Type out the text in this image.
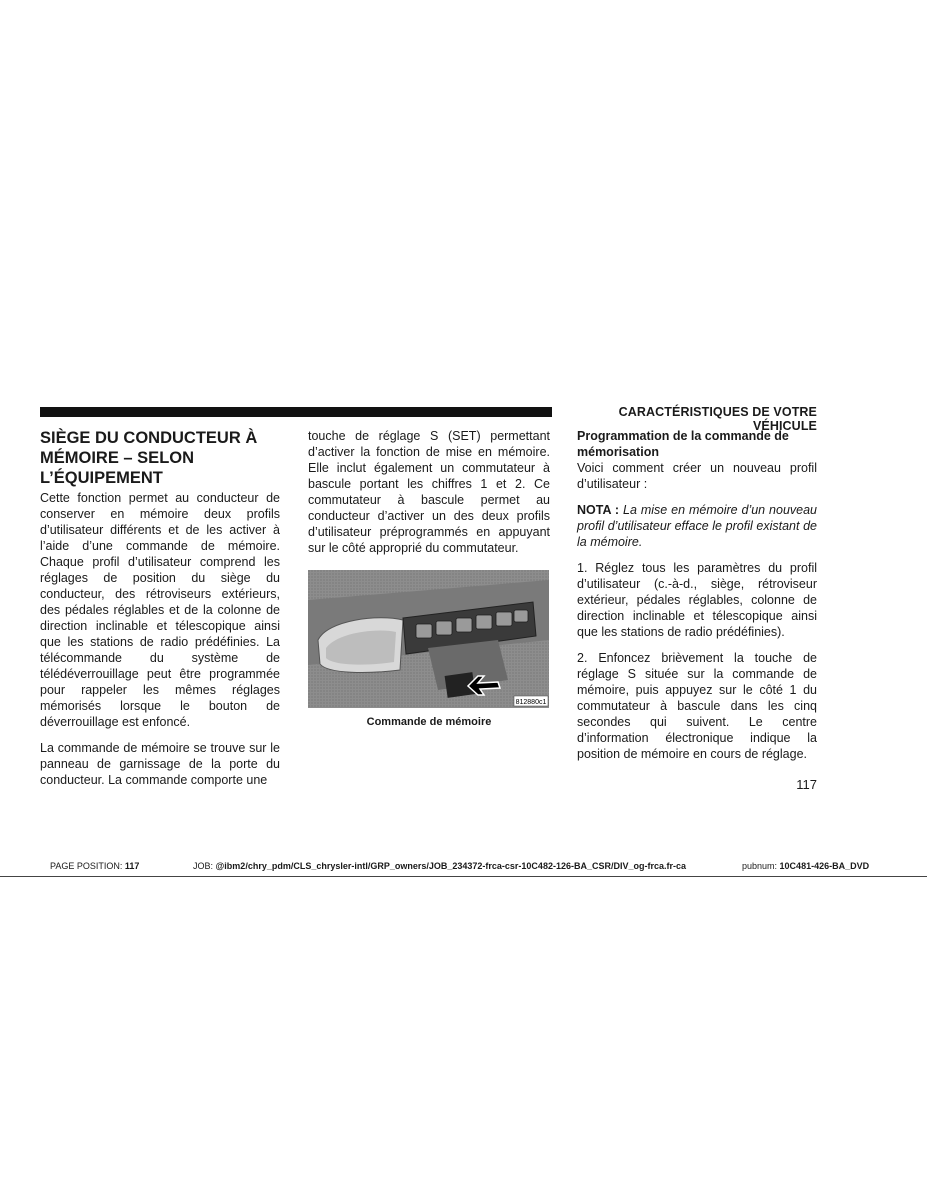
CARACTÉRISTIQUES DE VOTRE VÉHICULE
SIÈGE DU CONDUCTEUR À
MÉMOIRE – SELON
L’ÉQUIPEMENT

Cette fonction permet au conducteur de conserver en mémoire deux profils d’utilisateur différents et de les activer à l’aide d’une commande de mémoire. Chaque profil d’utilisateur comprend les réglages de position du siège du conducteur, des rétroviseurs extérieurs, des pédales réglables et de la colonne de direction inclinable et télescopique ainsi que les stations de radio prédéfinies. La télécommande du système de télédéverrouillage peut être programmée pour rappeler les mêmes réglages mémorisés lorsque le bouton de déverrouillage est enfoncé.

La commande de mémoire se trouve sur le panneau de garnissage de la porte du conducteur. La commande comporte une

touche de réglage S (SET) permettant d’activer la fonction de mise en mémoire. Elle inclut également un commutateur à bascule portant les chiffres 1 et 2. Ce commutateur à bascule permet au conducteur d’activer un des deux profils d’utilisateur préprogrammés en appuyant sur le côté approprié du commutateur.

812880c1
Commande de mémoire
Programmation de la commande de
mémorisation

Voici comment créer un nouveau profil d’utilisateur :

NOTA : La mise en mémoire d’un nouveau profil d’utilisateur efface le profil existant de la mémoire.

1. Réglez tous les paramètres du profil d’utilisateur (c.-à-d., siège, rétroviseur extérieur, pédales réglables, colonne de direction inclinable et télescopique ainsi que les stations de radio prédéfinies).

2. Enfoncez brièvement la touche de réglage S située sur la commande de mémoire, puis appuyez sur le côté 1 du commutateur à bascule dans les cinq secondes qui suivent. Le centre d’information électronique indique la position de mémoire en cours de réglage.

117
PAGE POSITION: 117	JOB: @ibm2/chry_pdm/CLS_chrysler-intl/GRP_owners/JOB_234372-frca-csr-10C482-126-BA_CSR/DIV_og-frca.fr-ca	pubnum: 10C481-426-BA_DVD
